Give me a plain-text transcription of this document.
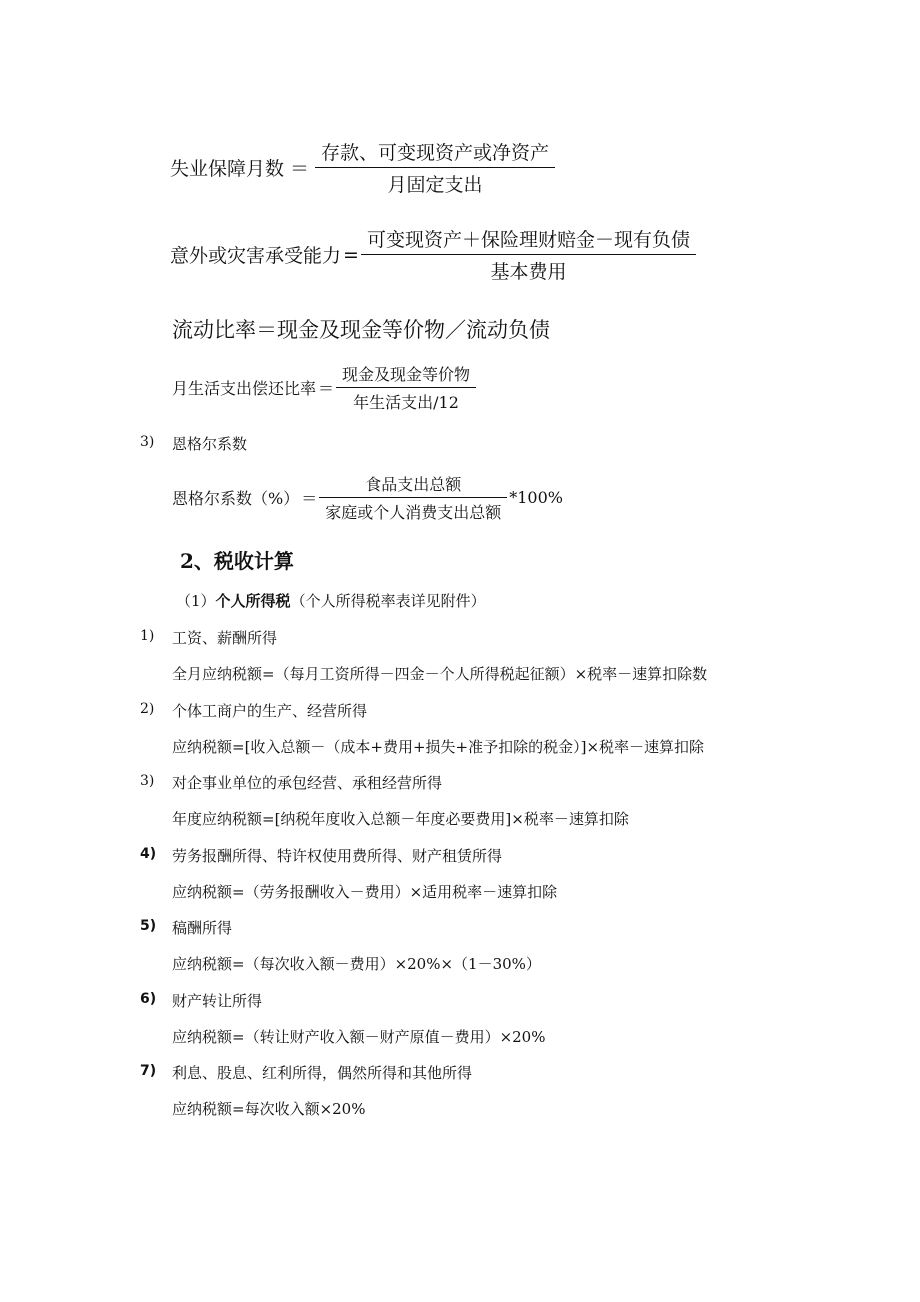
失业保障月数 ＝ $\frac{\text{存款、可变现资产或净资产}}{\text{月固定支出}}$
意外或灾害承受能力 = $\frac{\text{可变现资产＋保险理财赔金－现有负债}}{\text{基本费用}}$
流动比率＝现金及现金等价物／流动负债
月生活支出偿还比率 ＝ $\frac{\text{现金及现金等价物}}{\text{年生活支出/12}}$
3) 恩格尔系数
恩格尔系数（%） ＝ $\frac{\text{食品支出总额}}{\text{家庭或个人消费支出总额}} *100\%$
2、税收计算
（1）个人所得税（个人所得税率表详见附件）
1) 工资、薪酬所得
全月应纳税额=（每月工资所得－四金－个人所得税起征额）×税率－速算扣除数
2) 个体工商户的生产、经营所得
应纳税额=[收入总额－（成本+费用+损失+准予扣除的税金）]×税率－速算扣除
3) 对企事业单位的承包经营、承租经营所得
年度应纳税额=[纳税年度收入总额－年度必要费用]×税率－速算扣除
4) 劳务报酬所得、特许权使用费所得、财产租赁所得
应纳税额=（劳务报酬收入－费用）×适用税率－速算扣除
5) 稿酬所得
应纳税额=（每次收入额－费用）×20%×（1－30%）
6) 财产转让所得
应纳税额=（转让财产收入额－财产原值－费用）×20%
7) 利息、股息、红利所得，偶然所得和其他所得
应纳税额=每次收入额×20%
